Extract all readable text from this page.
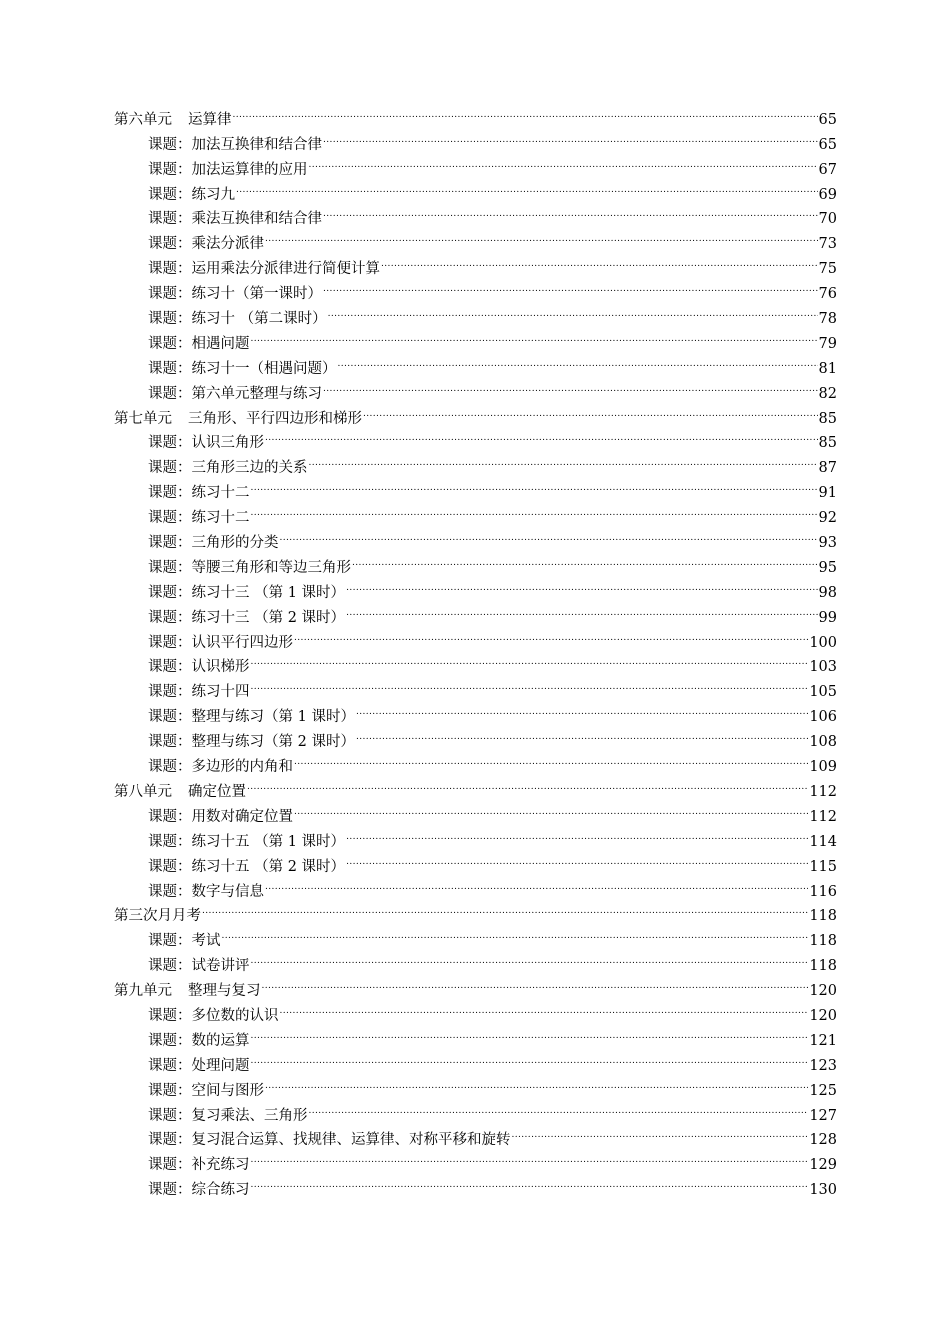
第六单元 运算律 .....	65
课题：加法互换律和结合律 .....	65
课题：加法运算律的应用 .....	67
课题：练习九 .....	69
课题：乘法互换律和结合律 .....	70
课题：乘法分派律 .....	73
课题：运用乘法分派律进行简便计算 .....	75
课题：练习十（第一课时） .....	76
课题：练习十 （第二课时） .....	78
课题：相遇问题 .....	79
课题：练习十一（相遇问题） .....	81
课题：第六单元整理与练习 .....	82
第七单元 三角形、平行四边形和梯形 .....	85
课题：认识三角形 .....	85
课题：三角形三边的关系 .....	87
课题：练习十二 .....	91
课题：练习十二 .....	92
课题：三角形的分类 .....	93
课题：等腰三角形和等边三角形 .....	95
课题：练习十三 （第 1 课时） .....	98
课题：练习十三 （第 2 课时） .....	99
课题：认识平行四边形 .....	100
课题：认识梯形 .....	103
课题：练习十四 .....	105
课题：整理与练习（第 1 课时） .....	106
课题：整理与练习（第 2 课时） .....	108
课题：多边形的内角和 .....	109
第八单元 确定位置 .....	112
课题：用数对确定位置 .....	112
课题：练习十五 （第 1 课时） .....	114
课题：练习十五 （第 2 课时） .....	115
课题：数字与信息 .....	116
第三次月月考 .....	118
课题：考试 .....	118
课题：试卷讲评 .....	118
第九单元 整理与复习 .....	120
课题：多位数的认识 .....	120
课题：数的运算 .....	121
课题：处理问题 .....	123
课题：空间与图形 .....	125
课题：复习乘法、三角形 .....	127
课题：复习混合运算、找规律、运算律、对称平移和旋转 .....	128
课题：补充练习 .....	129
课题：综合练习 .....	130
